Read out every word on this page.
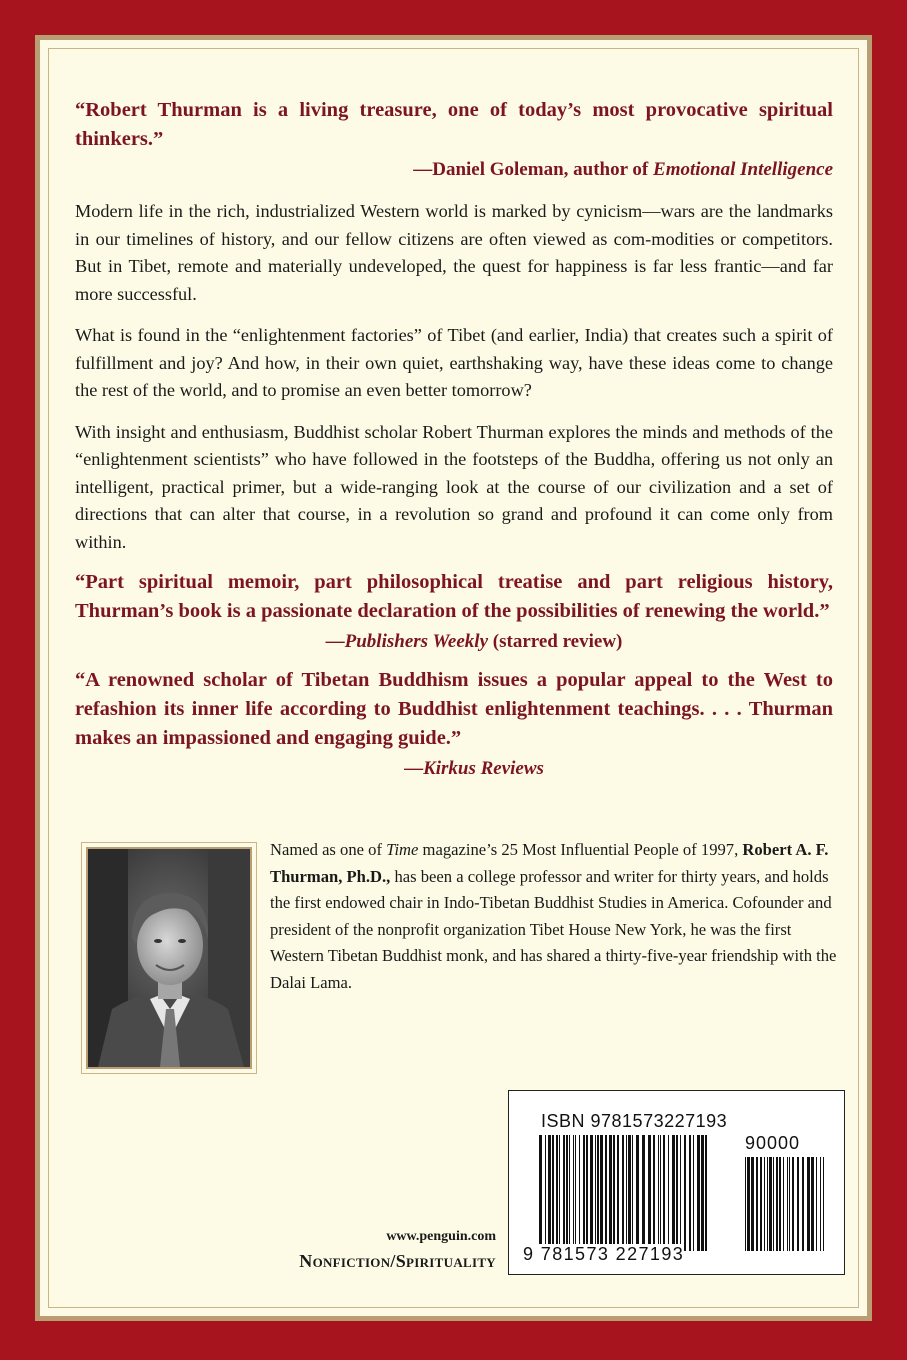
“Robert Thurman is a living treasure, one of today’s most provocative spiritual thinkers.”

—Daniel Goleman, author of Emotional Intelligence

Modern life in the rich, industrialized Western world is marked by cynicism—wars are the landmarks in our timelines of history, and our fellow citizens are often viewed as com-modities or competitors. But in Tibet, remote and materially undeveloped, the quest for happiness is far less frantic—and far more successful.

What is found in the “enlightenment factories” of Tibet (and earlier, India) that creates such a spirit of fulfillment and joy? And how, in their own quiet, earthshaking way, have these ideas come to change the rest of the world, and to promise an even better tomorrow?

With insight and enthusiasm, Buddhist scholar Robert Thurman explores the minds and methods of the “enlightenment scientists” who have followed in the footsteps of the Buddha, offering us not only an intelligent, practical primer, but a wide-ranging look at the course of our civilization and a set of directions that can alter that course, in a revolution so grand and profound it can come only from within.

“Part spiritual memoir, part philosophical treatise and part religious history, Thurman’s book is a passionate declaration of the possibilities of renewing the world.”

—Publishers Weekly (starred review)

“A renowned scholar of Tibetan Buddhism issues a popular appeal to the West to refashion its inner life according to Buddhist enlightenment teachings. . . . Thurman makes an impassioned and engaging guide.”

—Kirkus Reviews

Named as one of Time magazine’s 25 Most Influential People of 1997, Robert A. F. Thurman, Ph.D., has been a college professor and writer for thirty years, and holds the first endowed chair in Indo-Tibetan Buddhist Studies in America. Cofounder and president of the nonprofit organization Tibet House New York, he was the first Western Tibetan Buddhist monk, and has shared a thirty-five-year friendship with the Dalai Lama.

www.penguin.com
Nonfiction/Spirituality
ISBN 9781573227193
90000
9 781573 227193
